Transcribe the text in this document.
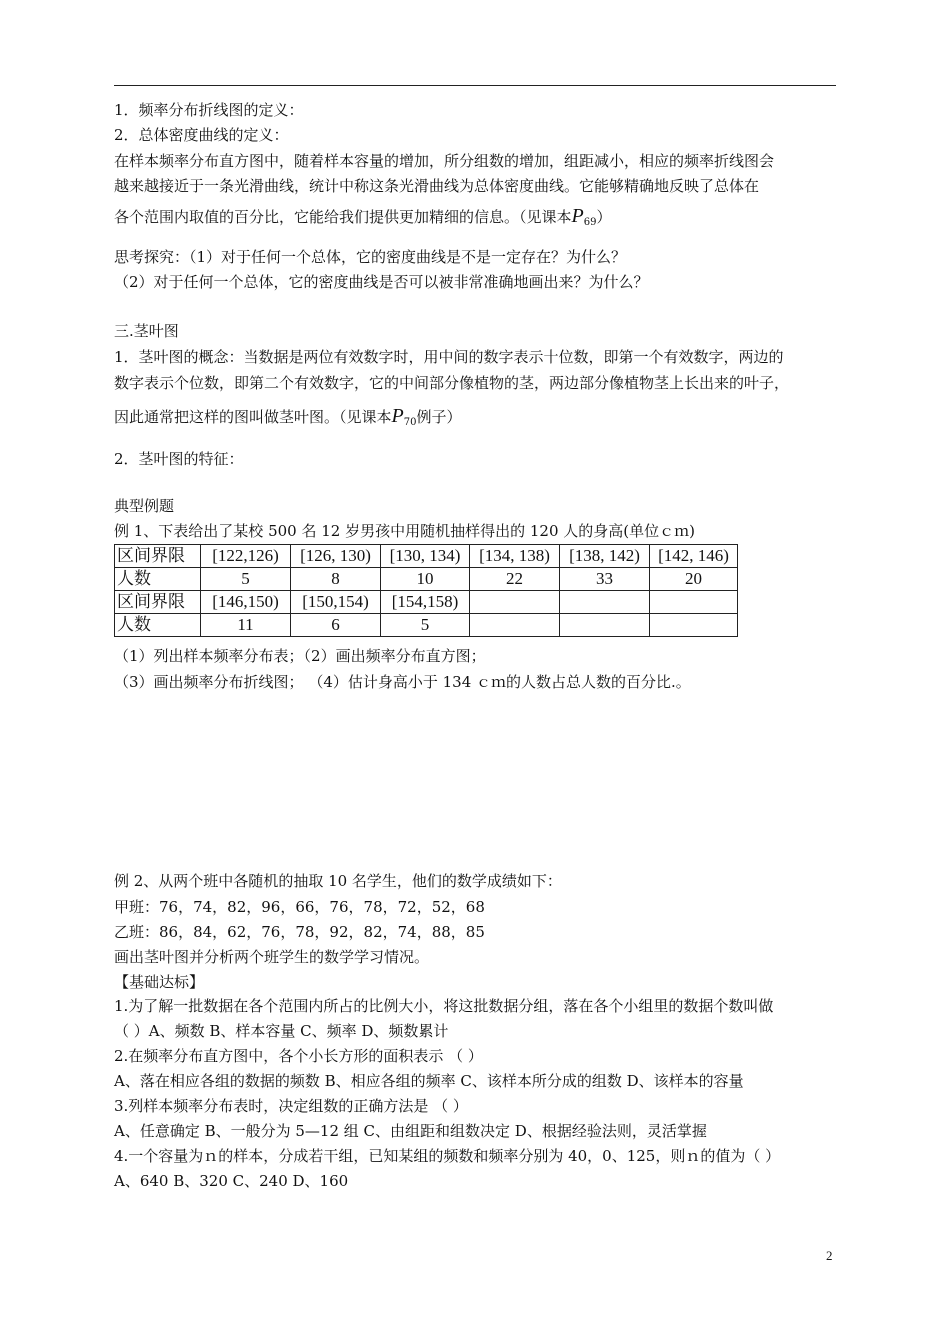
1．频率分布折线图的定义：
2．总体密度曲线的定义：
在样本频率分布直方图中，随着样本容量的增加，所分组数的增加，组距减小，相应的频率折线图会
越来越接近于一条光滑曲线，统计中称这条光滑曲线为总体密度曲线。它能够精确地反映了总体在
各个范围内取值的百分比，它能给我们提供更加精细的信息。（见课本$P_{69}$）
思考探究：（1）对于任何一个总体，它的密度曲线是不是一定存在？为什么？
（2）对于任何一个总体，它的密度曲线是否可以被非常准确地画出来？为什么？
三.茎叶图
1．茎叶图的概念：当数据是两位有效数字时，用中间的数字表示十位数，即第一个有效数字，两边的
数字表示个位数，即第二个有效数字，它的中间部分像植物的茎，两边部分像植物茎上长出来的叶子，
因此通常把这样的图叫做茎叶图。（见课本$P_{70}$例子）
2．茎叶图的特征：
典型例题
例 1、下表给出了某校 500 名 12 岁男孩中用随机抽样得出的 120 人的身高(单位ｃｍ)
区间界限	[122,126)	[126, 130)	[130, 134)	[134, 138)	[138, 142)	[142, 146)
人数	5	8	10	22	33	20
区间界限	[146,150)	[150,154)	[154,158)			
人数	11	6	5			
（1）列出样本频率分布表；（2）画出频率分布直方图；
（3）画出频率分布折线图； （4）估计身高小于 134 ｃｍ的人数占总人数的百分比.。
例 2、从两个班中各随机的抽取 10 名学生，他们的数学成绩如下：
甲班：76，74，82，96，66，76，78，72，52，68
乙班：86，84，62，76，78，92，82，74，88，85
画出茎叶图并分析两个班学生的数学学习情况。
【基础达标】
1.为了解一批数据在各个范围内所占的比例大小，将这批数据分组，落在各个小组里的数据个数叫做
（ ）A、频数 B、样本容量 C、频率 D、频数累计
2.在频率分布直方图中，各个小长方形的面积表示 （ ）
A、落在相应各组的数据的频数 B、相应各组的频率 C、该样本所分成的组数 D、该样本的容量
3.列样本频率分布表时，决定组数的正确方法是 （ ）
A、任意确定 B、一般分为 5—12 组 C、由组距和组数决定 D、根据经验法则，灵活掌握
4.一个容量为ｎ的样本，分成若干组，已知某组的频数和频率分别为 40，0、125，则ｎ的值为（ ）
A、640 B、320 C、240 D、160
2
